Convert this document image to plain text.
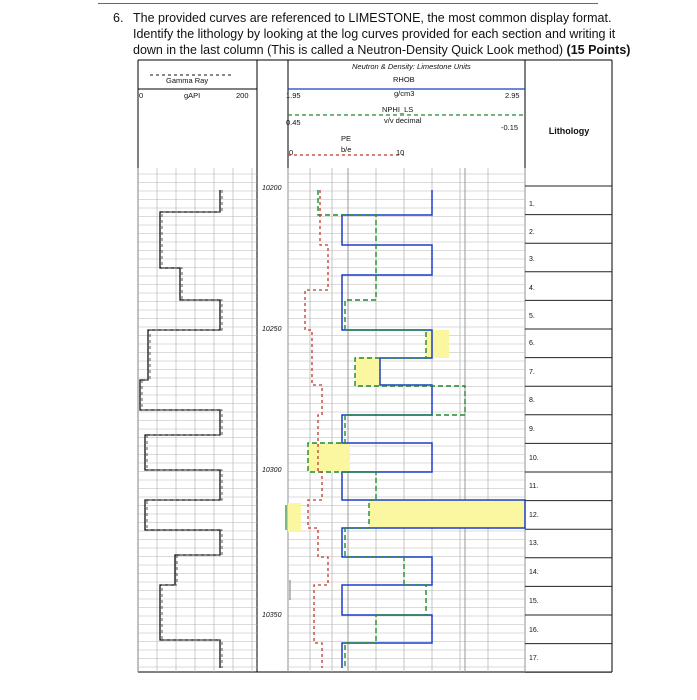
6. The provided curves are referenced to LIMESTONE, the most common display format.
Identify the lithology by looking at the log curves provided for each section and writing it
down in the last column (This is called a Neutron-Density Quick Look method) (15 Points)
Gamma Ray
gAPI
0	200
Neutron & Density: Limestone Units
RHOB
g/cm3
1.95	2.95
NPHI_LS
v/v decimal
0.45
-0.15
PE
b/e
0	10
Lithology
10200
10250
10300
10350
1.
2.
3.
4.
5.
6.
7.
8.
9.
10.
11.
12.
13.
14.
15.
16.
17.
